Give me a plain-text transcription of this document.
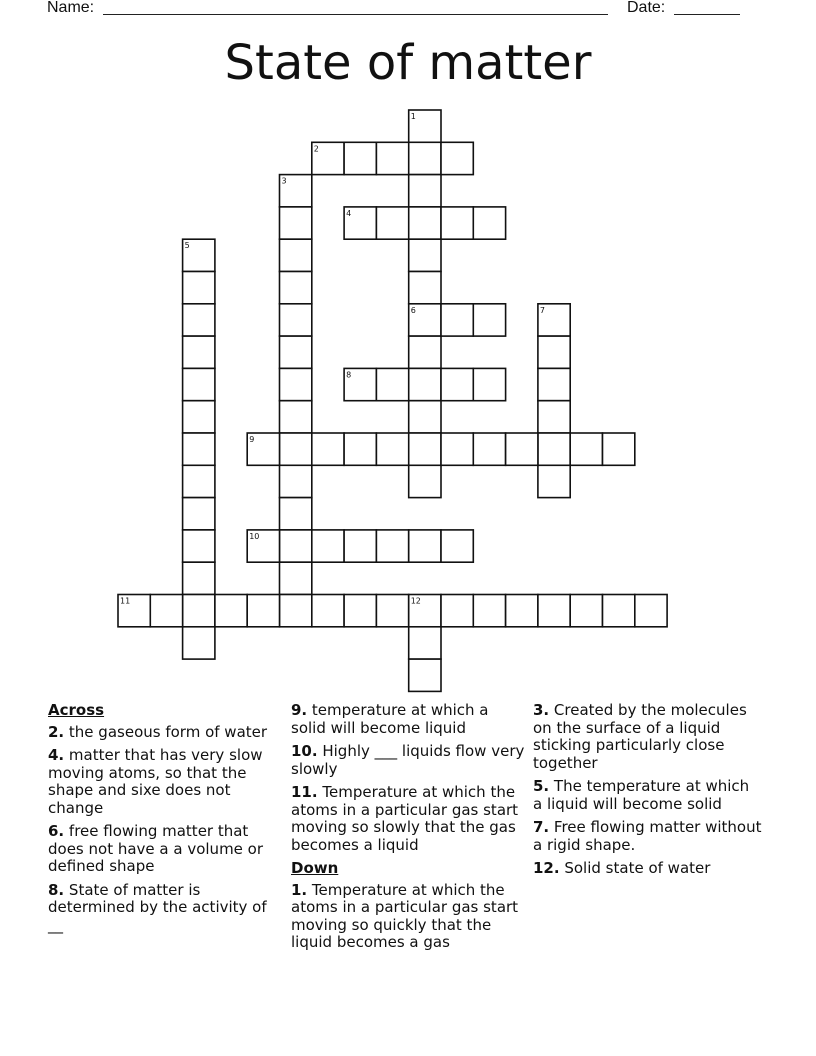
Name:	Date:
State of matter
1
2
3
4
5
6	7
8
9
10
11	12
Across
2. the gaseous form of water
4. matter that has very slow moving atoms, so that the shape and sixe does not change
6. free flowing matter that does not have a a volume or defined shape
8. State of matter is determined by the activity of __
9. temperature at which a solid will become liquid
10. Highly ___ liquids flow very slowly
11. Temperature at which the atoms in a particular gas start moving so slowly that the gas becomes a liquid
Down
1. Temperature at which the atoms in a particular gas start moving so quickly that the liquid becomes a gas
3. Created by the molecules on the surface of a liquid sticking particularly close together
5. The temperature at which a liquid will become solid
7. Free flowing matter without a rigid shape.
12. Solid state of water
